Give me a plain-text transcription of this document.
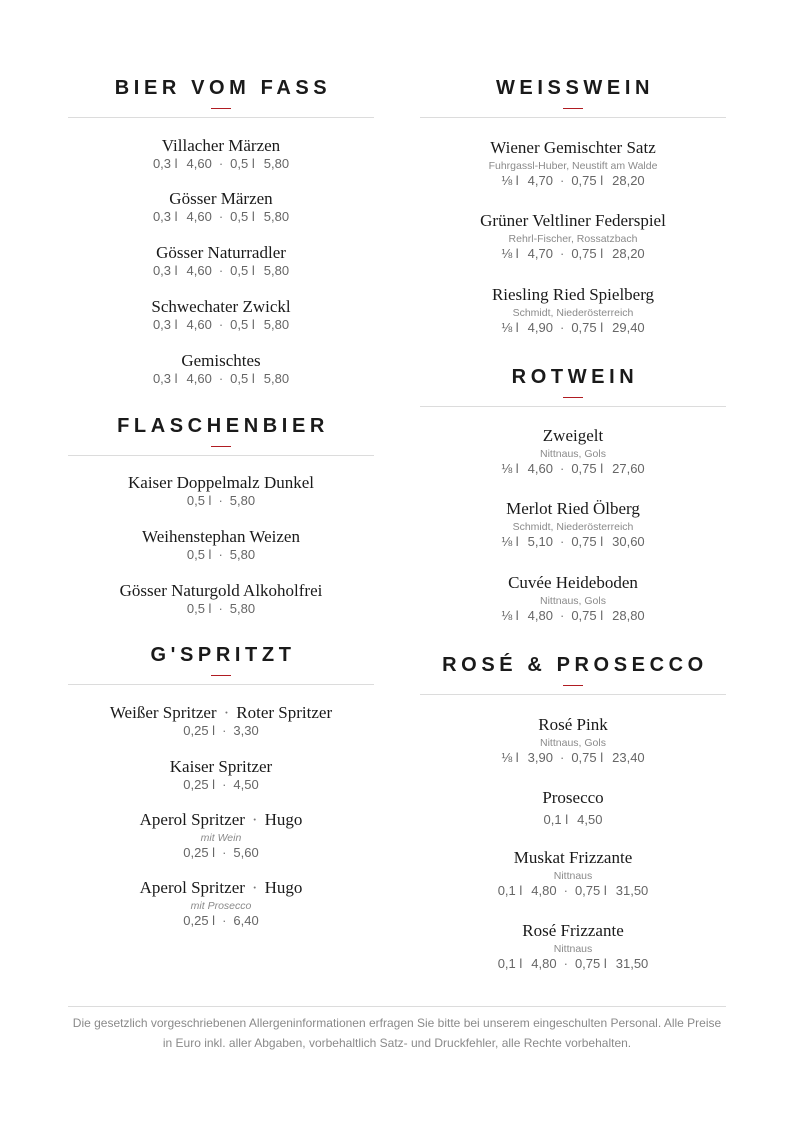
BIER VOM FASS
Villacher Märzen
0,3 l 4,60 · 0,5 l 5,80
Gösser Märzen
0,3 l 4,60 · 0,5 l 5,80
Gösser Naturradler
0,3 l 4,60 · 0,5 l 5,80
Schwechater Zwickl
0,3 l 4,60 · 0,5 l 5,80
Gemischtes
0,3 l 4,60 · 0,5 l 5,80
FLASCHENBIER
Kaiser Doppelmalz Dunkel
0,5 l · 5,80
Weihenstephan Weizen
0,5 l · 5,80
Gösser Naturgold Alkoholfrei
0,5 l · 5,80
G'SPRITZT
Weißer Spritzer · Roter Spritzer
0,25 l · 3,30
Kaiser Spritzer
0,25 l · 4,50
Aperol Spritzer · Hugo
mit Wein
0,25 l · 5,60
Aperol Spritzer · Hugo
mit Prosecco
0,25 l · 6,40
WEISSWEIN
Wiener Gemischter Satz
Fuhrgassl-Huber, Neustift am Walde
⅛ l 4,70 · 0,75 l 28,20
Grüner Veltliner Federspiel
Rehrl-Fischer, Rossatzbach
⅛ l 4,70 · 0,75 l 28,20
Riesling Ried Spielberg
Schmidt, Niederösterreich
⅛ l 4,90 · 0,75 l 29,40
ROTWEIN
Zweigelt
Nittnaus, Gols
⅛ l 4,60 · 0,75 l 27,60
Merlot Ried Ölberg
Schmidt, Niederösterreich
⅛ l 5,10 · 0,75 l 30,60
Cuvée Heideboden
Nittnaus, Gols
⅛ l 4,80 · 0,75 l 28,80
ROSÉ & PROSECCO
Rosé Pink
Nittnaus, Gols
⅛ l 3,90 · 0,75 l 23,40
Prosecco
0,1 l 4,50
Muskat Frizzante
Nittnaus
0,1 l 4,80 · 0,75 l 31,50
Rosé Frizzante
Nittnaus
0,1 l 4,80 · 0,75 l 31,50
Die gesetzlich vorgeschriebenen Allergeninformationen erfragen Sie bitte bei unserem eingeschulten Personal. Alle Preise
in Euro inkl. aller Abgaben, vorbehaltlich Satz- und Druckfehler, alle Rechte vorbehalten.
